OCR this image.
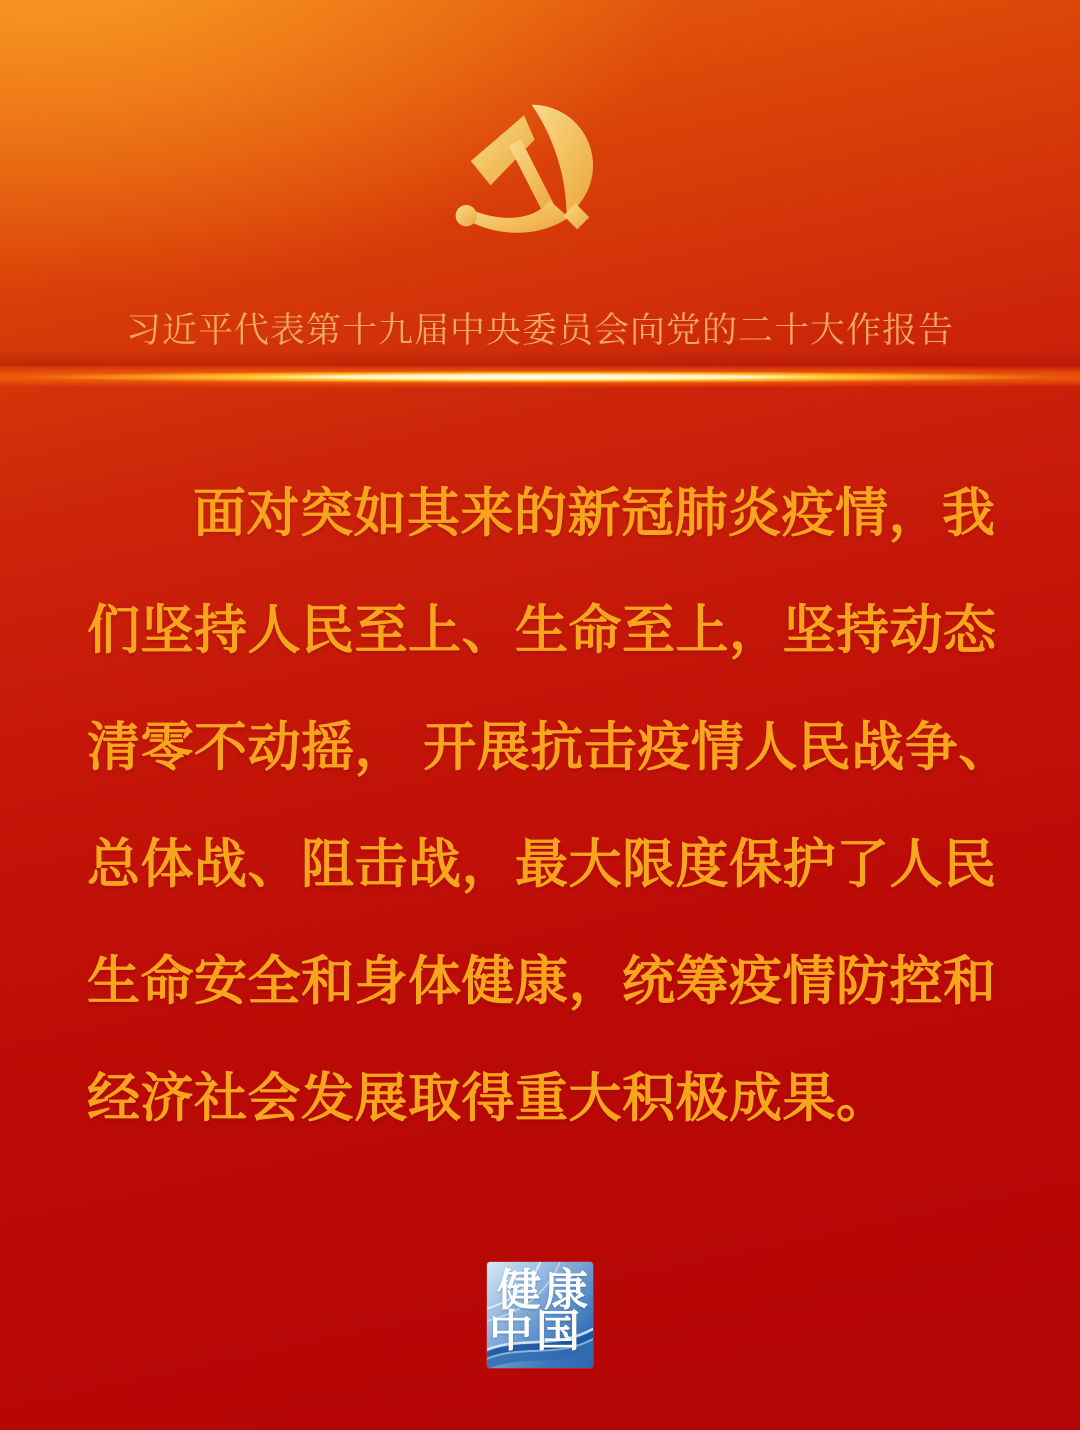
习近平代表第十九届中央委员会向党的二十大作报告
面对突如其来的新冠肺炎疫情，我
们坚持人民至上、生命至上，坚持动态
清零不动摇， 开展抗击疫情人民战争、
总体战、阻击战，最大限度保护了人民
生命安全和身体健康，统筹疫情防控和
经济社会发展取得重大积极成果。
健康
中国
